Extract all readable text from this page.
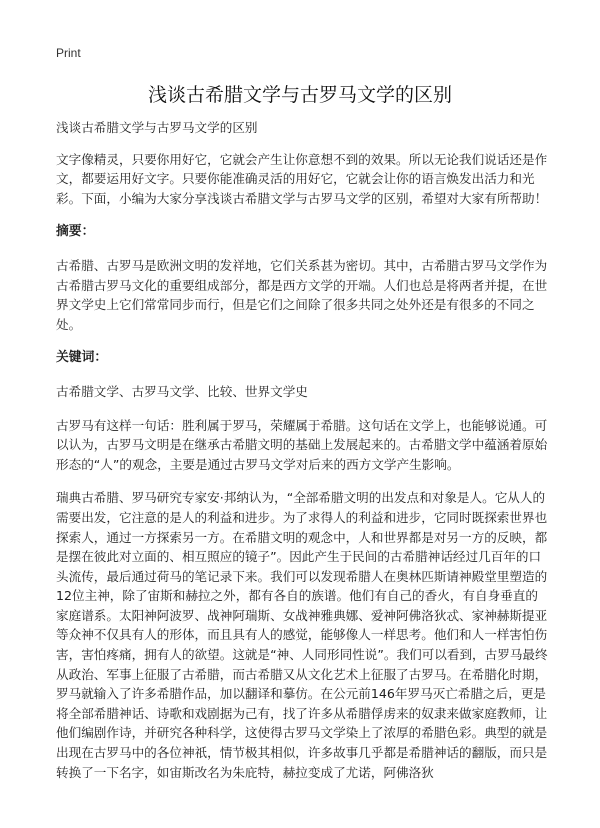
Print
浅谈古希腊文学与古罗马文学的区别

浅谈古希腊文学与古罗马文学的区别

文字像精灵，只要你用好它，它就会产生让你意想不到的效果。所以无论我们说话还是作文，都要运用好文字。只要你能准确灵活的用好它，它就会让你的语言焕发出活力和光彩。下面，小编为大家分享浅谈古希腊文学与古罗马文学的区别，希望对大家有所帮助！

摘要：

古希腊、古罗马是欧洲文明的发祥地，它们关系甚为密切。其中，古希腊古罗马文学作为古希腊古罗马文化的重要组成部分，都是西方文学的开端。人们也总是将两者并提，在世界文学史上它们常常同步而行，但是它们之间除了很多共同之处外还是有很多的不同之处。

关键词：

古希腊文学、古罗马文学、比较、世界文学史

古罗马有这样一句话：胜利属于罗马，荣耀属于希腊。这句话在文学上，也能够说通。可以认为，古罗马文明是在继承古希腊文明的基础上发展起来的。古希腊文学中蕴涵着原始形态的“人”的观念，主要是通过古罗马文学对后来的西方文学产生影响。

瑞典古希腊、罗马研究专家安·邦纳认为，“全部希腊文明的出发点和对象是人。它从人的需要出发，它注意的是人的利益和进步。为了求得人的利益和进步，它同时既探索世界也探索人，通过一方探索另一方。在希腊文明的观念中，人和世界都是对另一方的反映，都是摆在彼此对立面的、相互照应的镜子”。因此产生于民间的古希腊神话经过几百年的口头流传，最后通过荷马的笔记录下来。我们可以发现希腊人在奥林匹斯请神殿堂里塑造的12位主神，除了宙斯和赫拉之外，都有各自的族谱。他们有自己的香火，有自身垂直的家庭谱系。太阳神阿波罗、战神阿瑞斯、女战神雅典娜、爱神阿佛洛狄忒、家神赫斯提亚等众神不仅具有人的形体，而且具有人的感觉，能够像人一样思考。他们和人一样害怕伤害，害怕疼痛，拥有人的欲望。这就是“神、人同形同性说”。我们可以看到，古罗马最终从政治、军事上征服了古希腊，而古希腊又从文化艺术上征服了古罗马。在希腊化时期，罗马就输入了许多希腊作品，加以翻译和摹仿。在公元前146年罗马灭亡希腊之后，更是将全部希腊神话、诗歌和戏剧据为己有，找了许多从希腊俘虏来的奴隶来做家庭教师，让他们编剧作诗，并研究各种科学，这使得古罗马文学染上了浓厚的希腊色彩。典型的就是出现在古罗马中的各位神祇，情节极其相似，许多故事几乎都是希腊神话的翻版，而只是转换了一下名字，如宙斯改名为朱庇特，赫拉变成了尤诺，阿佛洛狄
